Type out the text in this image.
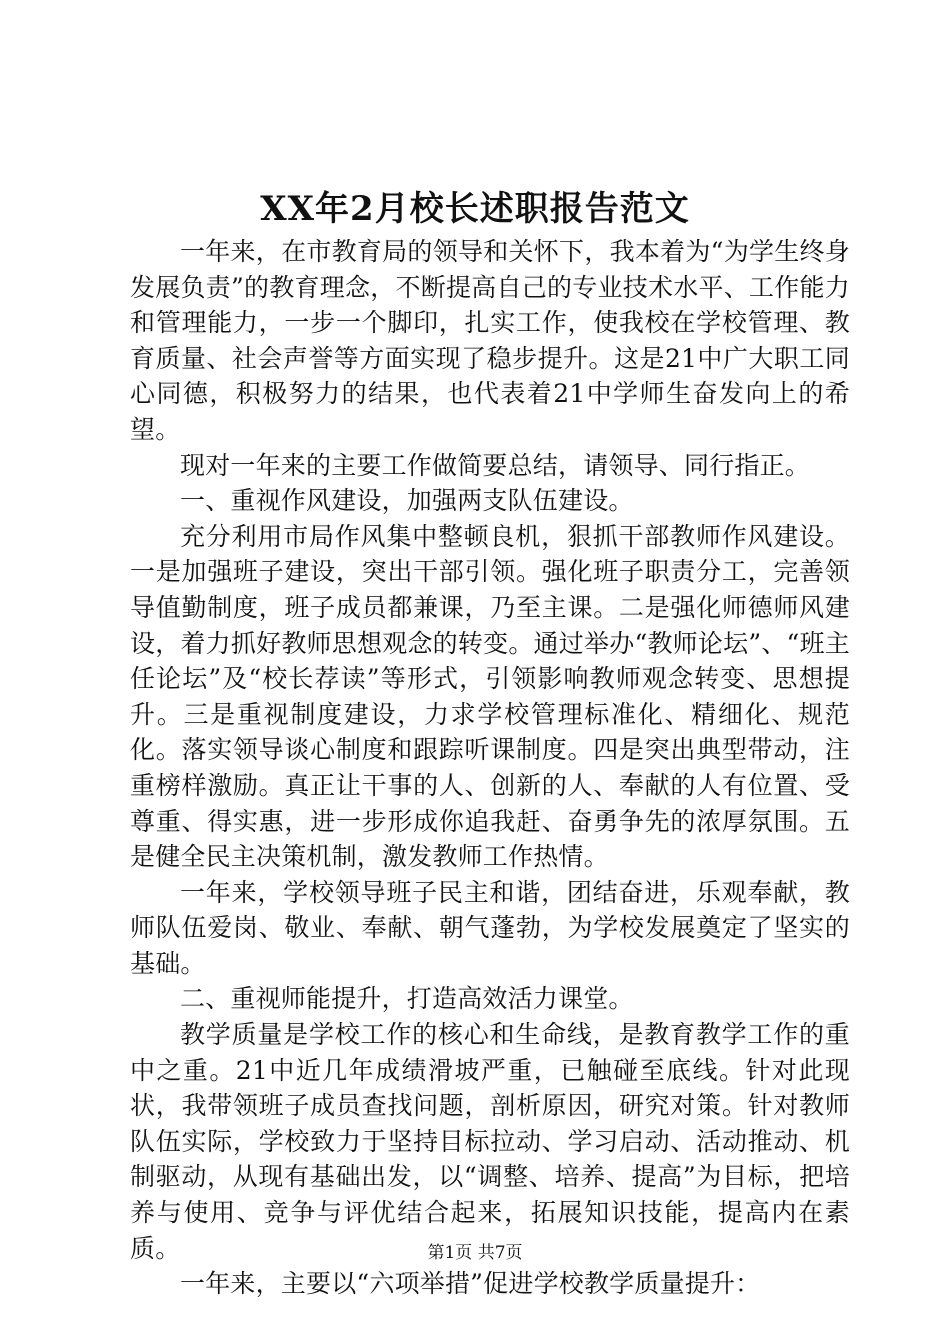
XX年2月校长述职报告范文

一年来，在市教育局的领导和关怀下，我本着为“为学生终身发展负责”的教育理念，不断提高自己的专业技术水平、工作能力和管理能力，一步一个脚印，扎实工作，使我校在学校管理、教育质量、社会声誉等方面实现了稳步提升。这是21中广大职工同心同德，积极努力的结果，也代表着21中学师生奋发向上的希望。

现对一年来的主要工作做简要总结，请领导、同行指正。

一、重视作风建设，加强两支队伍建设。

充分利用市局作风集中整顿良机，狠抓干部教师作风建设。一是加强班子建设，突出干部引领。强化班子职责分工，完善领导值勤制度，班子成员都兼课，乃至主课。二是强化师德师风建设，着力抓好教师思想观念的转变。通过举办“教师论坛”、“班主任论坛”及“校长荐读”等形式，引领影响教师观念转变、思想提升。三是重视制度建设，力求学校管理标准化、精细化、规范化。落实领导谈心制度和跟踪听课制度。四是突出典型带动，注重榜样激励。真正让干事的人、创新的人、奉献的人有位置、受尊重、得实惠，进一步形成你追我赶、奋勇争先的浓厚氛围。五是健全民主决策机制，激发教师工作热情。

一年来，学校领导班子民主和谐，团结奋进，乐观奉献，教师队伍爱岗、敬业、奉献、朝气蓬勃，为学校发展奠定了坚实的基础。

二、重视师能提升，打造高效活力课堂。

教学质量是学校工作的核心和生命线，是教育教学工作的重中之重。21中近几年成绩滑坡严重，已触碰至底线。针对此现状，我带领班子成员查找问题，剖析原因，研究对策。针对教师队伍实际，学校致力于坚持目标拉动、学习启动、活动推动、机制驱动，从现有基础出发，以“调整、培养、提高”为目标，把培养与使用、竞争与评优结合起来，拓展知识技能，提高内在素质。

一年来，主要以“六项举措”促进学校教学质量提升：

第1页 共7页
